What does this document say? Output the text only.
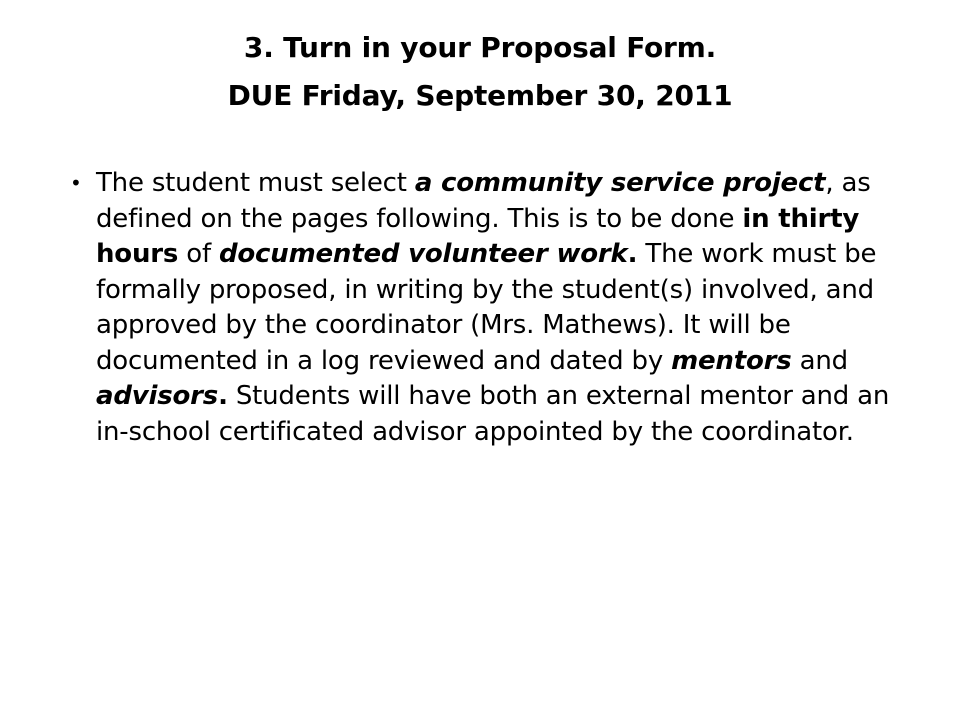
3. Turn in your Proposal Form.
DUE Friday, September 30, 2011
• The student must select a community service project, as defined on the pages following. This is to be done in thirty hours of documented volunteer work. The work must be formally proposed, in writing by the student(s) involved, and approved by the coordinator (Mrs. Mathews). It will be documented in a log reviewed and dated by mentors and advisors. Students will have both an external mentor and an in-school certificated advisor appointed by the coordinator.
